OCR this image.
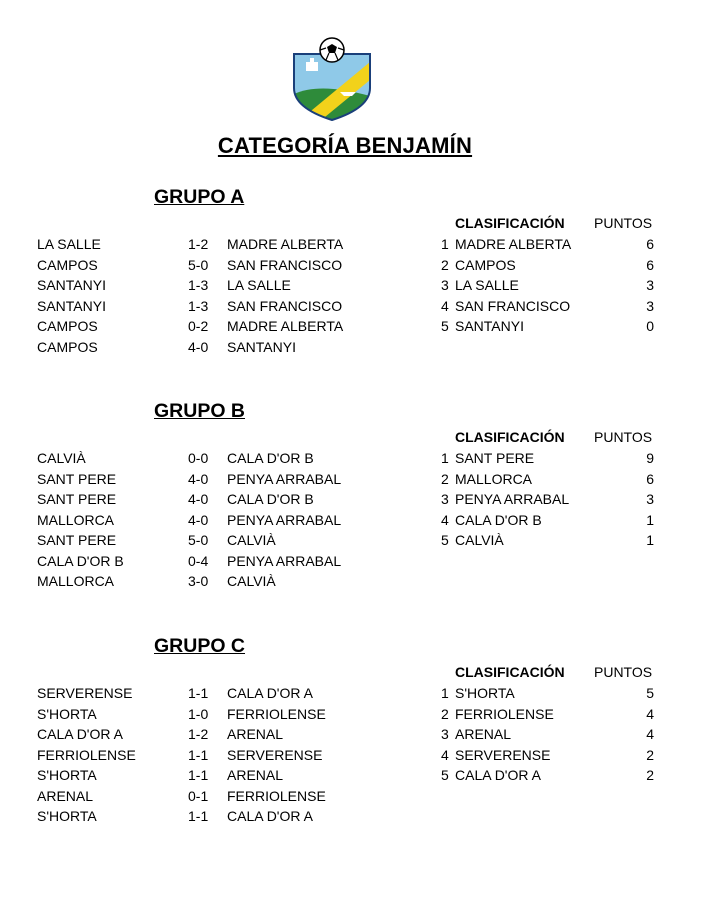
CATEGORÍA BENJAMÍN
GRUPO A
CLASIFICACIÓN PUNTOS
LA SALLE	1-2 MADRE ALBERTA
CAMPOS	5-0 SAN FRANCISCO
SANTANYI	1-3 LA SALLE
SANTANYI	1-3 SAN FRANCISCO
CAMPOS	0-2 MADRE ALBERTA
CAMPOS	4-0 SANTANYI
1 MADRE ALBERTA	6
2 CAMPOS	6
3 LA SALLE	3
4 SAN FRANCISCO	3
5 SANTANYI	0
GRUPO B
CLASIFICACIÓN PUNTOS
CALVIÀ	0-0 CALA D'OR B
SANT PERE	4-0 PENYA ARRABAL
SANT PERE	4-0 CALA D'OR B
MALLORCA	4-0 PENYA ARRABAL
SANT PERE	5-0 CALVIÀ
CALA D'OR B	0-4 PENYA ARRABAL
MALLORCA	3-0 CALVIÀ
1 SANT PERE	9
2 MALLORCA	6
3 PENYA ARRABAL	3
4 CALA D'OR B	1
5 CALVIÀ	1
GRUPO C
CLASIFICACIÓN PUNTOS
SERVERENSE	1-1 CALA D'OR A
S'HORTA	1-0 FERRIOLENSE
CALA D'OR A	1-2 ARENAL
FERRIOLENSE	1-1 SERVERENSE
S'HORTA	1-1 ARENAL
ARENAL	0-1 FERRIOLENSE
S'HORTA	1-1 CALA D'OR A
1 S'HORTA	5
2 FERRIOLENSE	4
3 ARENAL	4
4 SERVERENSE	2
5 CALA D'OR A	2
